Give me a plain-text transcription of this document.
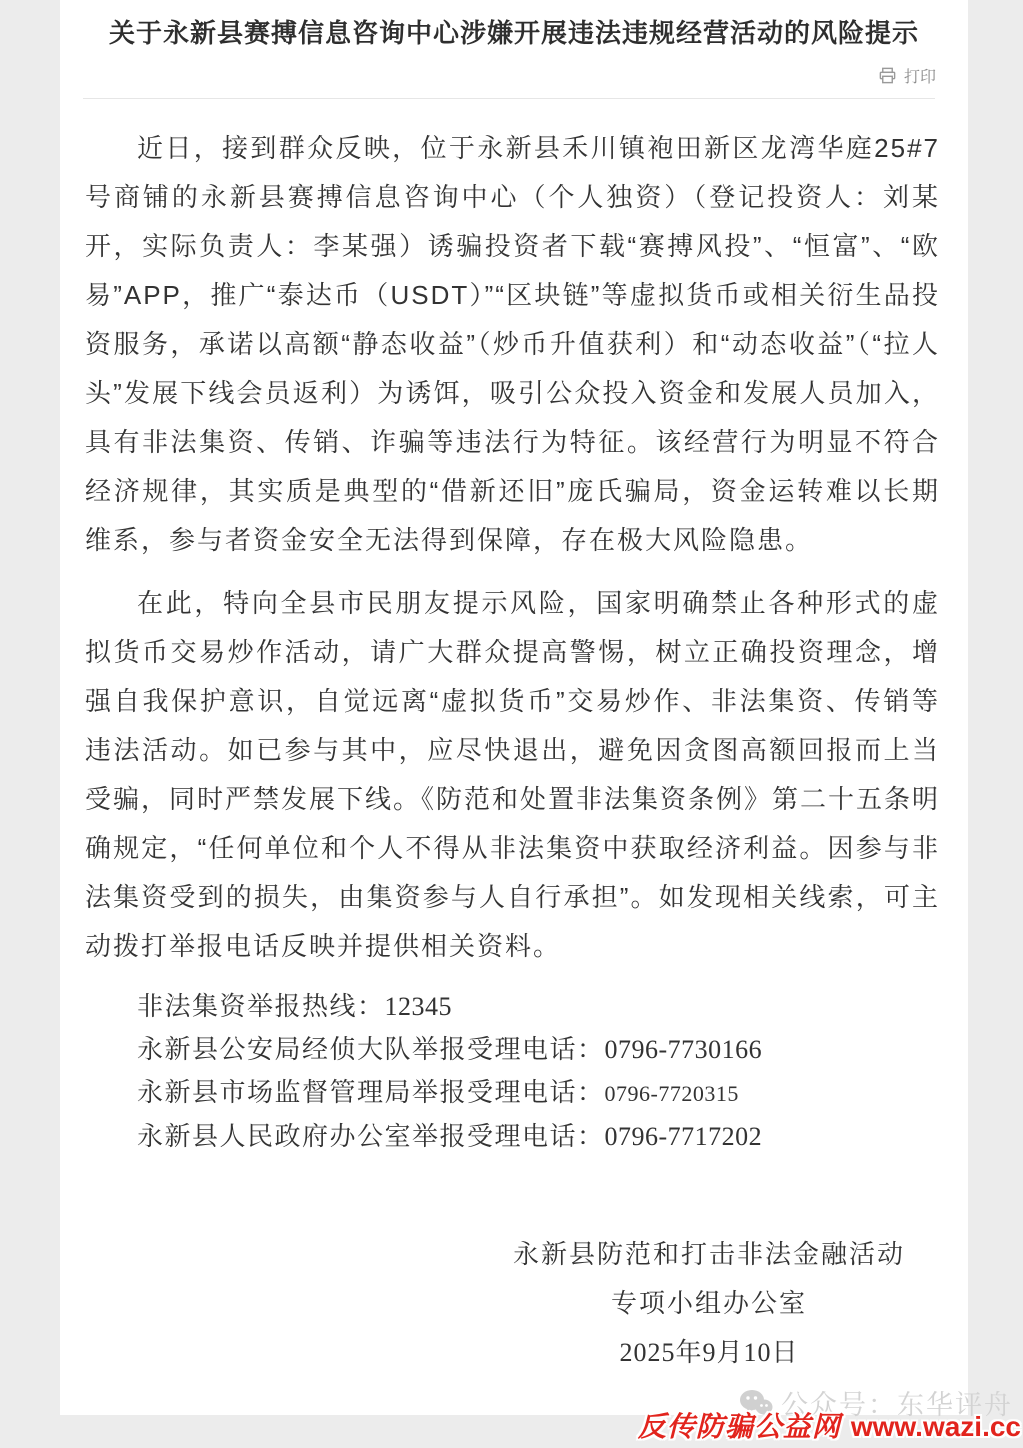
关于永新县赛搏信息咨询中心涉嫌开展违法违规经营活动的风险提示
打印

近日，接到群众反映，位于永新县禾川镇袍田新区龙湾华庭25#7号商铺的永新县赛搏信息咨询中心（个人独资）（登记投资人：刘某开，实际负责人：李某强）诱骗投资者下载“赛搏风投”、“恒富”、“欧易”APP，推广“泰达币（USDT）”“区块链”等虚拟货币或相关衍生品投资服务，承诺以高额“静态收益”（炒币升值获利）和“动态收益”（“拉人头”发展下线会员返利）为诱饵，吸引公众投入资金和发展人员加入，具有非法集资、传销、诈骗等违法行为特征。该经营行为明显不符合经济规律，其实质是典型的“借新还旧”庞氏骗局，资金运转难以长期维系，参与者资金安全无法得到保障，存在极大风险隐患。

在此，特向全县市民朋友提示风险，国家明确禁止各种形式的虚拟货币交易炒作活动，请广大群众提高警惕，树立正确投资理念，增强自我保护意识，自觉远离“虚拟货币”交易炒作、非法集资、传销等违法活动。如已参与其中，应尽快退出，避免因贪图高额回报而上当受骗，同时严禁发展下线。《防范和处置非法集资条例》第二十五条明确规定，“任何单位和个人不得从非法集资中获取经济利益。因参与非法集资受到的损失，由集资参与人自行承担”。如发现相关线索，可主动拨打举报电话反映并提供相关资料。

非法集资举报热线：12345
永新县公安局经侦大队举报受理电话：0796-7730166
永新县市场监督管理局举报受理电话：0796-7720315
永新县人民政府办公室举报受理电话：0796-7717202
永新县防范和打击非法金融活动
专项小组办公室
2025年9月10日
公众号：东华评舟
反传防骗公益网 www.wazi.cc
